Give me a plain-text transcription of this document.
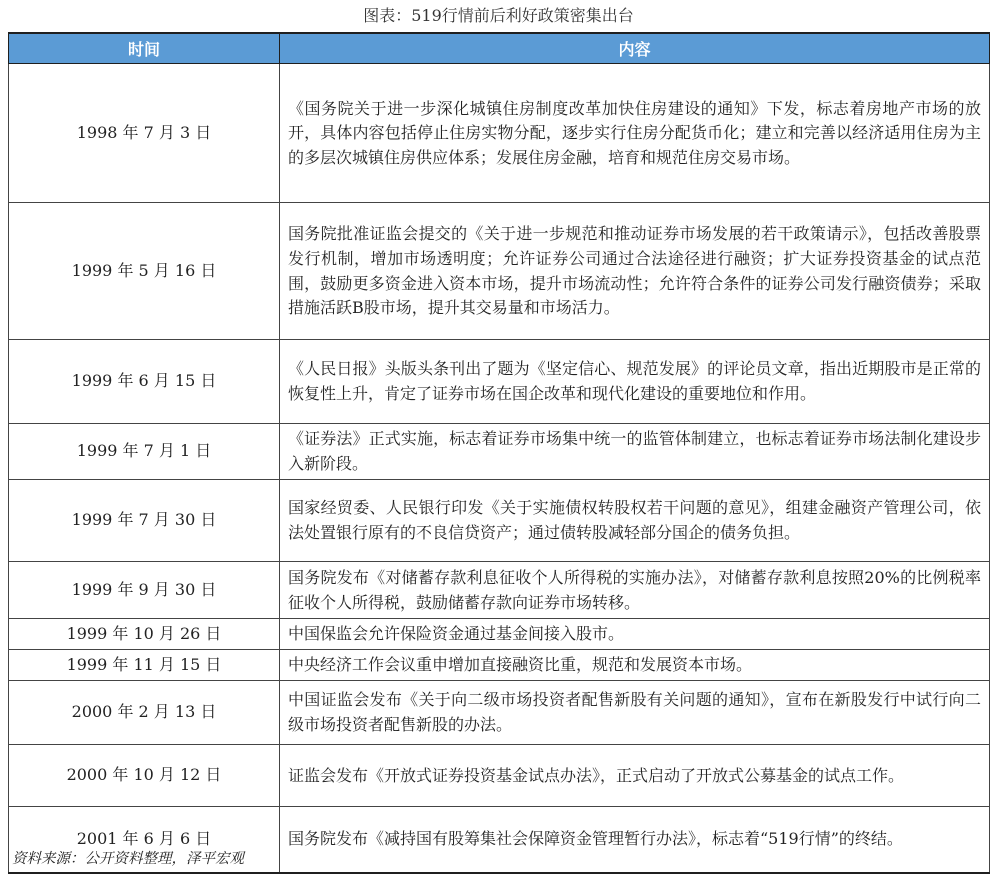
图表：519行情前后利好政策密集出台
时间	内容
1998 年 7 月 3 日	《国务院关于进一步深化城镇住房制度改革加快住房建设的通知》下发，标志着房地产市场的放开，具体内容包括停止住房实物分配，逐步实行住房分配货币化；建立和完善以经济适用住房为主的多层次城镇住房供应体系；发展住房金融，培育和规范住房交易市场。
1999 年 5 月 16 日	国务院批准证监会提交的《关于进一步规范和推动证券市场发展的若干政策请示》，包括改善股票发行机制，增加市场透明度；允许证券公司通过合法途径进行融资；扩大证券投资基金的试点范围，鼓励更多资金进入资本市场，提升市场流动性；允许符合条件的证券公司发行融资债券；采取措施活跃B股市场，提升其交易量和市场活力。
1999 年 6 月 15 日	《人民日报》头版头条刊出了题为《坚定信心、规范发展》的评论员文章，指出近期股市是正常的恢复性上升，肯定了证券市场在国企改革和现代化建设的重要地位和作用。
1999 年 7 月 1 日	《证券法》正式实施，标志着证券市场集中统一的监管体制建立，也标志着证券市场法制化建设步入新阶段。
1999 年 7 月 30 日	国家经贸委、人民银行印发《关于实施债权转股权若干问题的意见》，组建金融资产管理公司，依法处置银行原有的不良信贷资产；通过债转股减轻部分国企的债务负担。
1999 年 9 月 30 日	国务院发布《对储蓄存款利息征收个人所得税的实施办法》，对储蓄存款利息按照20%的比例税率征收个人所得税，鼓励储蓄存款向证券市场转移。
1999 年 10 月 26 日	中国保监会允许保险资金通过基金间接入股市。
1999 年 11 月 15 日	中央经济工作会议重申增加直接融资比重，规范和发展资本市场。
2000 年 2 月 13 日	中国证监会发布《关于向二级市场投资者配售新股有关问题的通知》，宣布在新股发行中试行向二级市场投资者配售新股的办法。
2000 年 10 月 12 日	证监会发布《开放式证券投资基金试点办法》，正式启动了开放式公募基金的试点工作。
2001 年 6 月 6 日	国务院发布《减持国有股筹集社会保障资金管理暂行办法》，标志着“519行情”的终结。
资料来源：公开资料整理，泽平宏观
